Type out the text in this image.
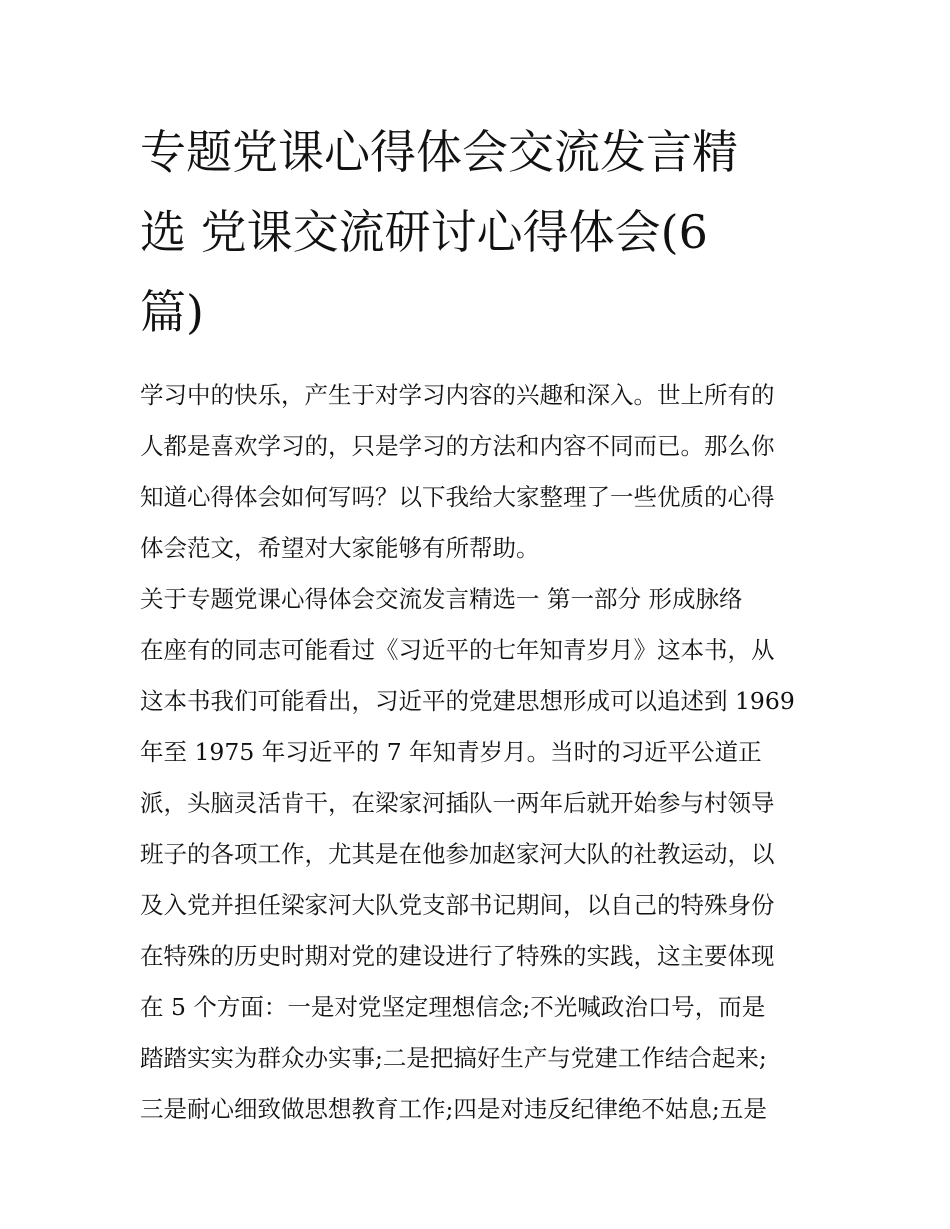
专题党课心得体会交流发言精
选 党课交流研讨心得体会(6
篇)
学习中的快乐，产生于对学习内容的兴趣和深入。世上所有的
人都是喜欢学习的，只是学习的方法和内容不同而已。那么你
知道心得体会如何写吗？以下我给大家整理了一些优质的心得
体会范文，希望对大家能够有所帮助。
关于专题党课心得体会交流发言精选一 第一部分 形成脉络
在座有的同志可能看过《习近平的七年知青岁月》这本书，从
这本书我们可能看出，习近平的党建思想形成可以追述到 1969
年至 1975 年习近平的 7 年知青岁月。当时的习近平公道正
派，头脑灵活肯干，在梁家河插队一两年后就开始参与村领导
班子的各项工作，尤其是在他参加赵家河大队的社教运动，以
及入党并担任梁家河大队党支部书记期间，以自己的特殊身份
在特殊的历史时期对党的建设进行了特殊的实践，这主要体现
在 5 个方面：一是对党坚定理想信念;不光喊政治口号，而是
踏踏实实为群众办实事;二是把搞好生产与党建工作结合起来;
三是耐心细致做思想教育工作;四是对违反纪律绝不姑息;五是
